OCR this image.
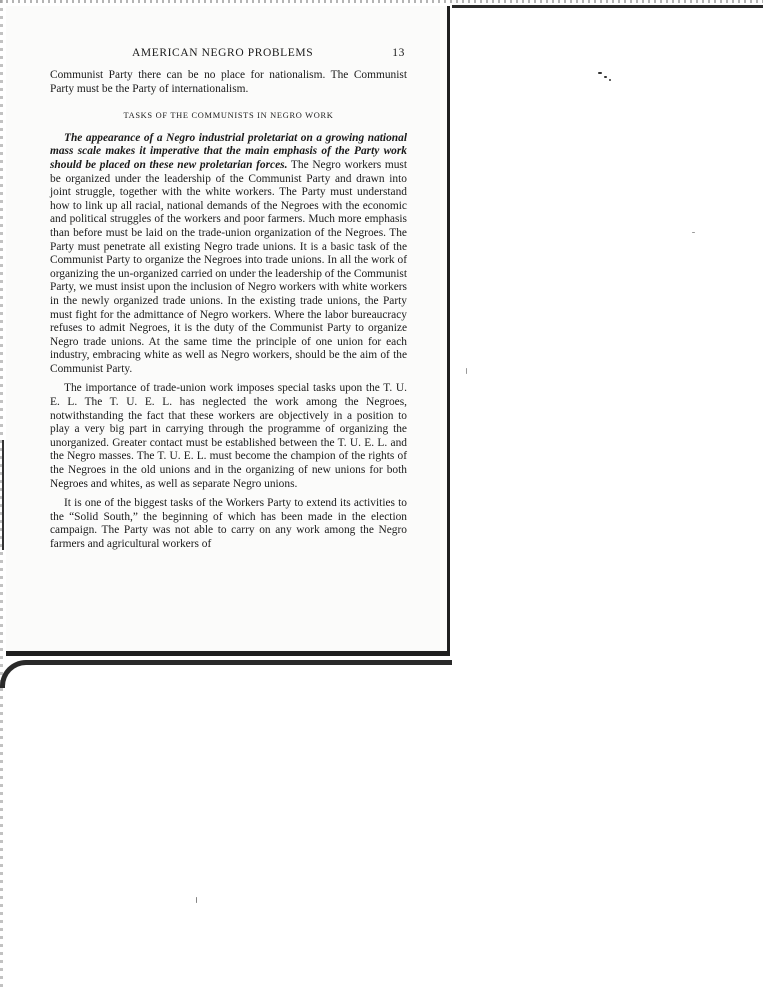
AMERICAN NEGRO PROBLEMS	13

Communist Party there can be no place for nationalism. The Communist Party must be the Party of internationalism.

TASKS OF THE COMMUNISTS IN NEGRO WORK

The appearance of a Negro industrial proletariat on a growing national mass scale makes it imperative that the main emphasis of the Party work should be placed on these new proletarian forces. The Negro workers must be organized under the leadership of the Communist Party and drawn into joint struggle, together with the white workers. The Party must understand how to link up all racial, national demands of the Negroes with the economic and political struggles of the workers and poor farmers. Much more emphasis than before must be laid on the trade-union organization of the Negroes. The Party must penetrate all existing Negro trade unions. It is a basic task of the Communist Party to organize the Negroes into trade unions. In all the work of organizing the un-organized carried on under the leadership of the Communist Party, we must insist upon the inclusion of Negro workers with white workers in the newly organized trade unions. In the existing trade unions, the Party must fight for the admittance of Negro workers. Where the labor bureaucracy refuses to admit Negroes, it is the duty of the Communist Party to organize Negro trade unions. At the same time the principle of one union for each industry, embracing white as well as Negro workers, should be the aim of the Communist Party.

The importance of trade-union work imposes special tasks upon the T. U. E. L. The T. U. E. L. has neglected the work among the Negroes, notwithstanding the fact that these workers are objectively in a position to play a very big part in carrying through the programme of organizing the unorganized. Greater contact must be established between the T. U. E. L. and the Negro masses. The T. U. E. L. must become the champion of the rights of the Negroes in the old unions and in the organizing of new unions for both Negroes and whites, as well as separate Negro unions.

It is one of the biggest tasks of the Workers Party to extend its activities to the “Solid South,” the beginning of which has been made in the election campaign. The Party was not able to carry on any work among the Negro farmers and agricultural workers of
